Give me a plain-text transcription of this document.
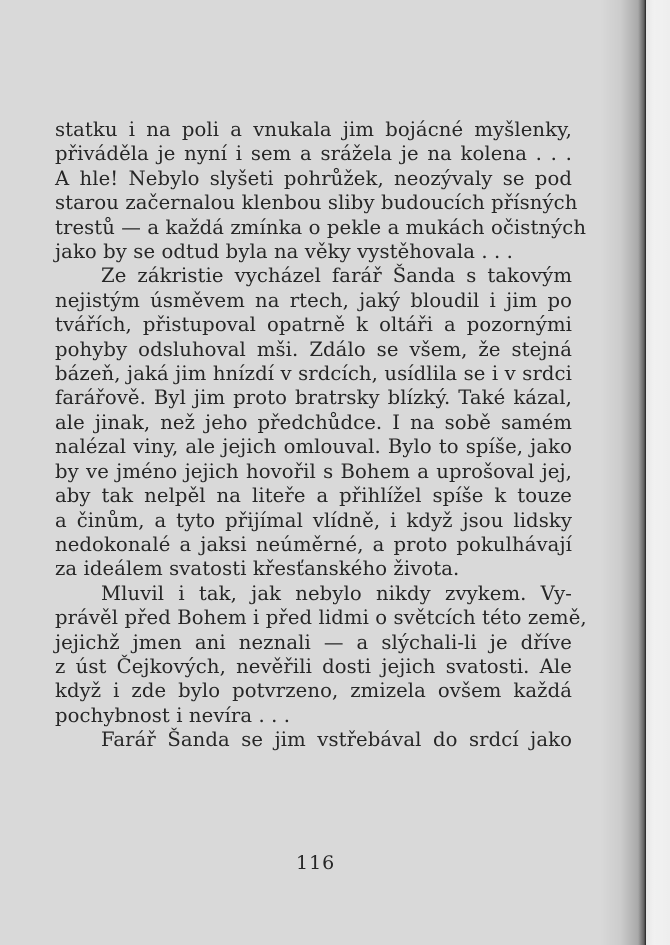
statku i na poli a vnukala jim bojácné myšlenky,
přiváděla je nyní i sem a srážela je na kolena . . .
A hle! Nebylo slyšeti pohrůžek, neozývaly se pod
starou začernalou klenbou sliby budoucích přísných
trestů — a každá zmínka o pekle a mukách očistných
jako by se odtud byla na věky vystěhovala . . .

Ze zákristie vycházel farář Šanda s takovým
nejistým úsměvem na rtech, jaký bloudil i jim po
tvářích, přistupoval opatrně k oltáři a pozornými
pohyby odsluhoval mši. Zdálo se všem, že stejná
bázeň, jaká jim hnízdí v srdcích, usídlila se i v srdci
farářově. Byl jim proto bratrsky blízký. Také kázal,
ale jinak, než jeho předchůdce. I na sobě samém
nalézal viny, ale jejich omlouval. Bylo to spíše, jako
by ve jméno jejich hovořil s Bohem a uprošoval jej,
aby tak nelpěl na liteře a přihlížel spíše k touze
a činům, a tyto přijímal vlídně, i když jsou lidsky
nedokonalé a jaksi neúměrné, a proto pokulhávají
za ideálem svatosti křesťanského života.

Mluvil i tak, jak nebylo nikdy zvykem. Vy-
právěl před Bohem i před lidmi o světcích této země,
jejichž jmen ani neznali — a slýchali-li je dříve
z úst Čejkových, nevěřili dosti jejich svatosti. Ale
když i zde bylo potvrzeno, zmizela ovšem každá
pochybnost i nevíra . . .

Farář Šanda se jim vstřebával do srdcí jako

116
